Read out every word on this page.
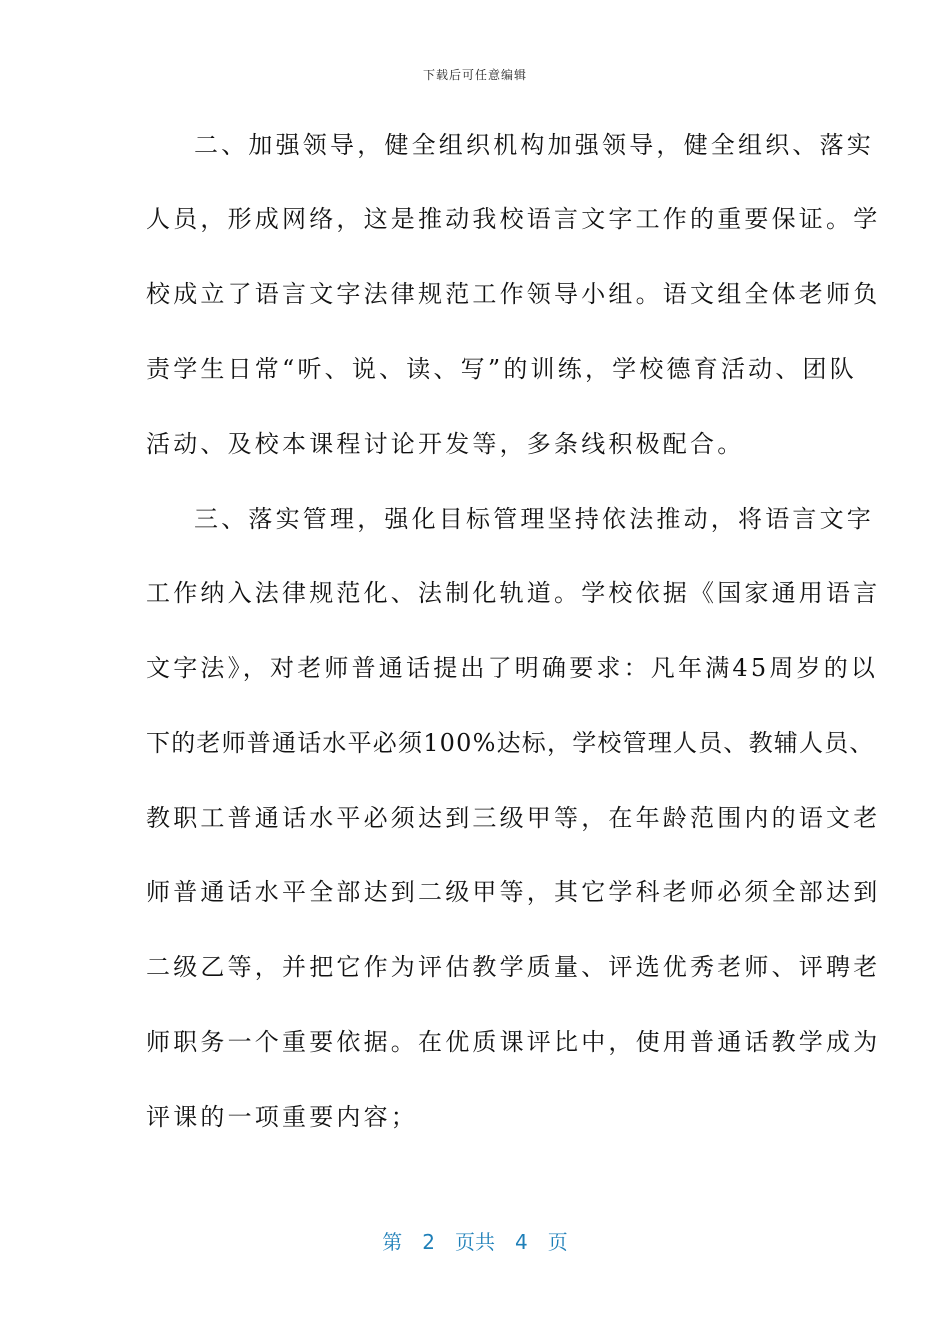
下载后可任意编辑
二、加强领导，健全组织机构加强领导，健全组织、落实
人员，形成网络，这是推动我校语言文字工作的重要保证。学
校成立了语言文字法律规范工作领导小组。语文组全体老师负
责学生日常“听、说、读、写”的训练，学校德育活动、团队
活动、及校本课程讨论开发等，多条线积极配合。
三、落实管理，强化目标管理坚持依法推动，将语言文字
工作纳入法律规范化、法制化轨道。学校依据《国家通用语言
文字法》，对老师普通话提出了明确要求：凡年满45周岁的以
下的老师普通话水平必须100%达标，学校管理人员、教辅人员、
教职工普通话水平必须达到三级甲等，在年龄范围内的语文老
师普通话水平全部达到二级甲等，其它学科老师必须全部达到
二级乙等，并把它作为评估教学质量、评选优秀老师、评聘老
师职务一个重要依据。在优质课评比中，使用普通话教学成为
评课的一项重要内容；
第 2 页共 4 页
